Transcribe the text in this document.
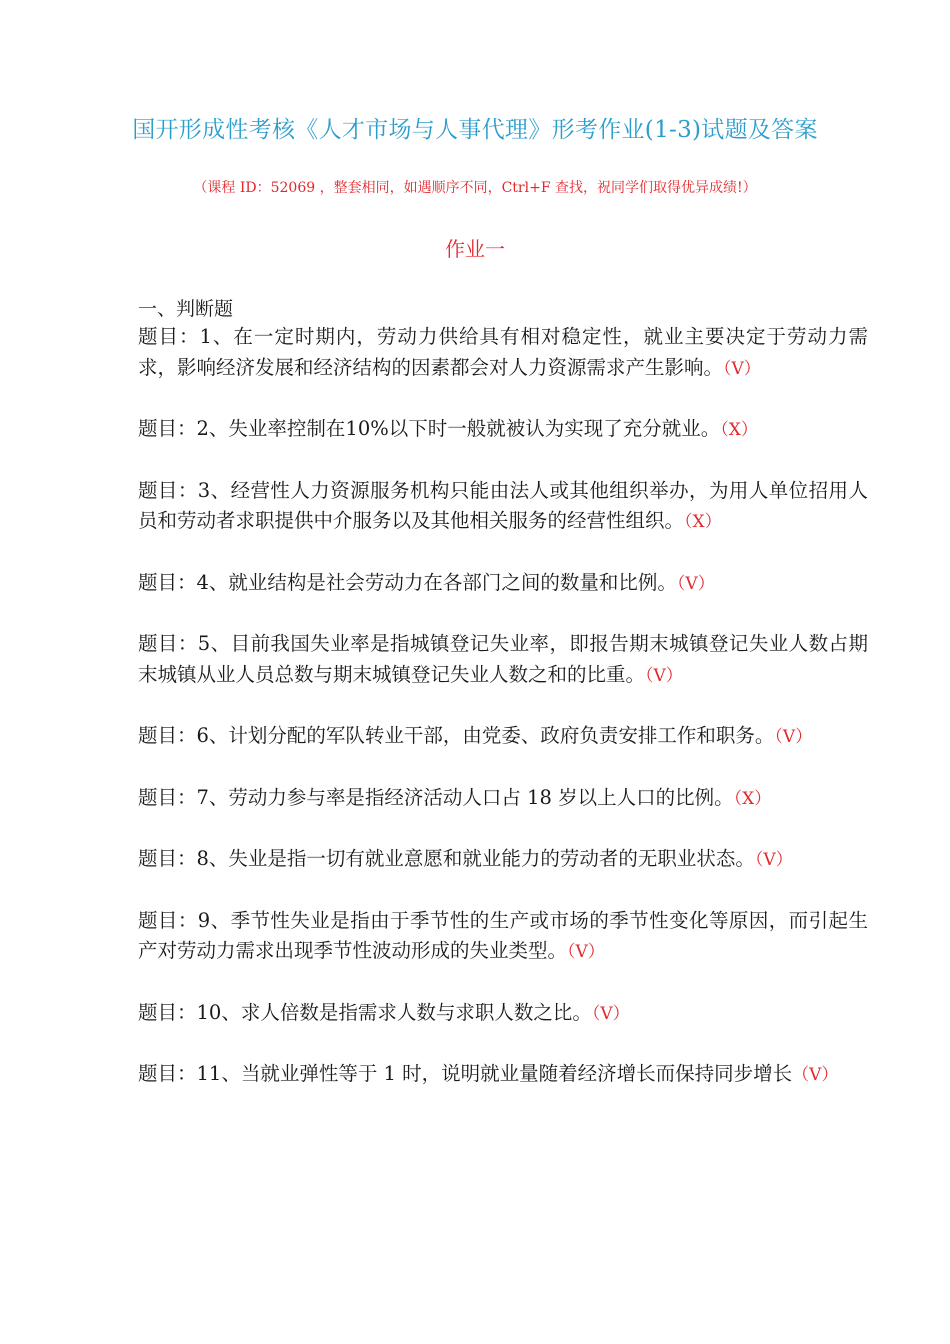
国开形成性考核《人才市场与人事代理》形考作业(1-3)试题及答案
（课程 ID：52069 ，整套相同，如遇顺序不同，Ctrl+F 查找，祝同学们取得优异成绩!）
作业一
一、判断题

题目：1、在一定时期内，劳动力供给具有相对稳定性，就业主要决定于劳动力需求，影响经济发展和经济结构的因素都会对人力资源需求产生影响。（V）

题目：2、失业率控制在10%以下时一般就被认为实现了充分就业。（X）

题目：3、经营性人力资源服务机构只能由法人或其他组织举办，为用人单位招用人员和劳动者求职提供中介服务以及其他相关服务的经营性组织。（X）

题目：4、就业结构是社会劳动力在各部门之间的数量和比例。（V）

题目：5、目前我国失业率是指城镇登记失业率，即报告期末城镇登记失业人数占期末城镇从业人员总数与期末城镇登记失业人数之和的比重。（V）

题目：6、计划分配的军队转业干部，由党委、政府负责安排工作和职务。（V）

题目：7、劳动力参与率是指经济活动人口占 18 岁以上人口的比例。（X）

题目：8、失业是指一切有就业意愿和就业能力的劳动者的无职业状态。（V）

题目：9、季节性失业是指由于季节性的生产或市场的季节性变化等原因，而引起生产对劳动力需求出现季节性波动形成的失业类型。（V）

题目：10、求人倍数是指需求人数与求职人数之比。（V）

题目：11、当就业弹性等于 1 时，说明就业量随着经济增长而保持同步增长（V）
